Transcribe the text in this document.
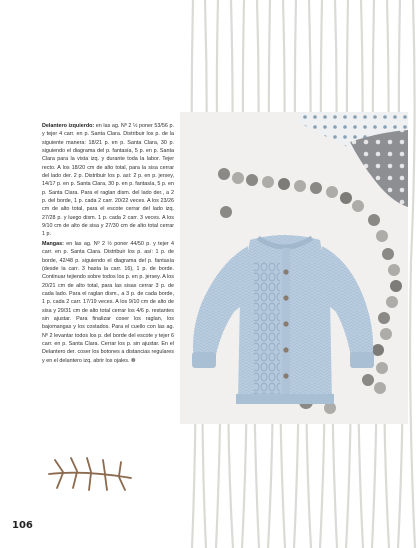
Delantero izquierdo: en las ag. Nº 2 ½ poner 53/56 p. y tejer 4 carr. en p. Santa Clara. Distribuir los p. de la siguiente manera: 18/21 p. en p. Santa Clara, 30 p. siguiendo el diagrama del p. fantasía, 5 p. en p. Santa Clara para la vista izq. y durante toda la labor. Tejer recto. A los 18/20 cm de alto total, para la sisa cerrar del lado der. 2 p. Distribuir los p. así: 2 p. en p. jersey, 14/17 p. en p. Santa Clara, 30 p. en p. fantasía, 5 p. en p. Santa Clara. Para el raglan dism. del lado der., a 2 p. del borde, 1 p. cada 2 carr. 20/22 veces. A los 23/26 cm de alto total, para el escote cerrar del lado izq. 27/28 p. y luego dism. 1 p. cada 2 carr. 3 veces. A los 9/10 cm de alto de sisa y 27/30 cm de alto total cerrar 1 p.

Mangas: en las ag. Nº 2 ½ poner 44/50 p. y tejer 4 carr. en p. Santa Clara. Distribuir los p. así: 1 p. de borde, 42/48 p. siguiendo el diagrama del p. fantasía (desde la carr. 3 hasta la carr. 16), 1 p. de borde. Continuar tejiendo sobre todos los p. en p. jersey. A los 20/21 cm de alto total, para las sisas cerrar 3 p. de cada lado. Para el raglan dism., a 3 p. de cada borde, 1 p. cada 2 carr. 17/19 veces. A los 9/10 cm de alto de sisa y 29/31 cm de alto total cerrar los 4/6 p. restantes sin ajustar. Para finalizar coser los raglan, los bajomangas y los costados. Para el cuello con las ag. Nº 2 levantar todos los p. del borde del escote y tejer 6 carr. en p. Santa Clara. Cerrar los p. sin ajustar. En el Delantero der. coser los botones a distancias regulares y en el delantero izq. abrir los ojales. ❁

106
